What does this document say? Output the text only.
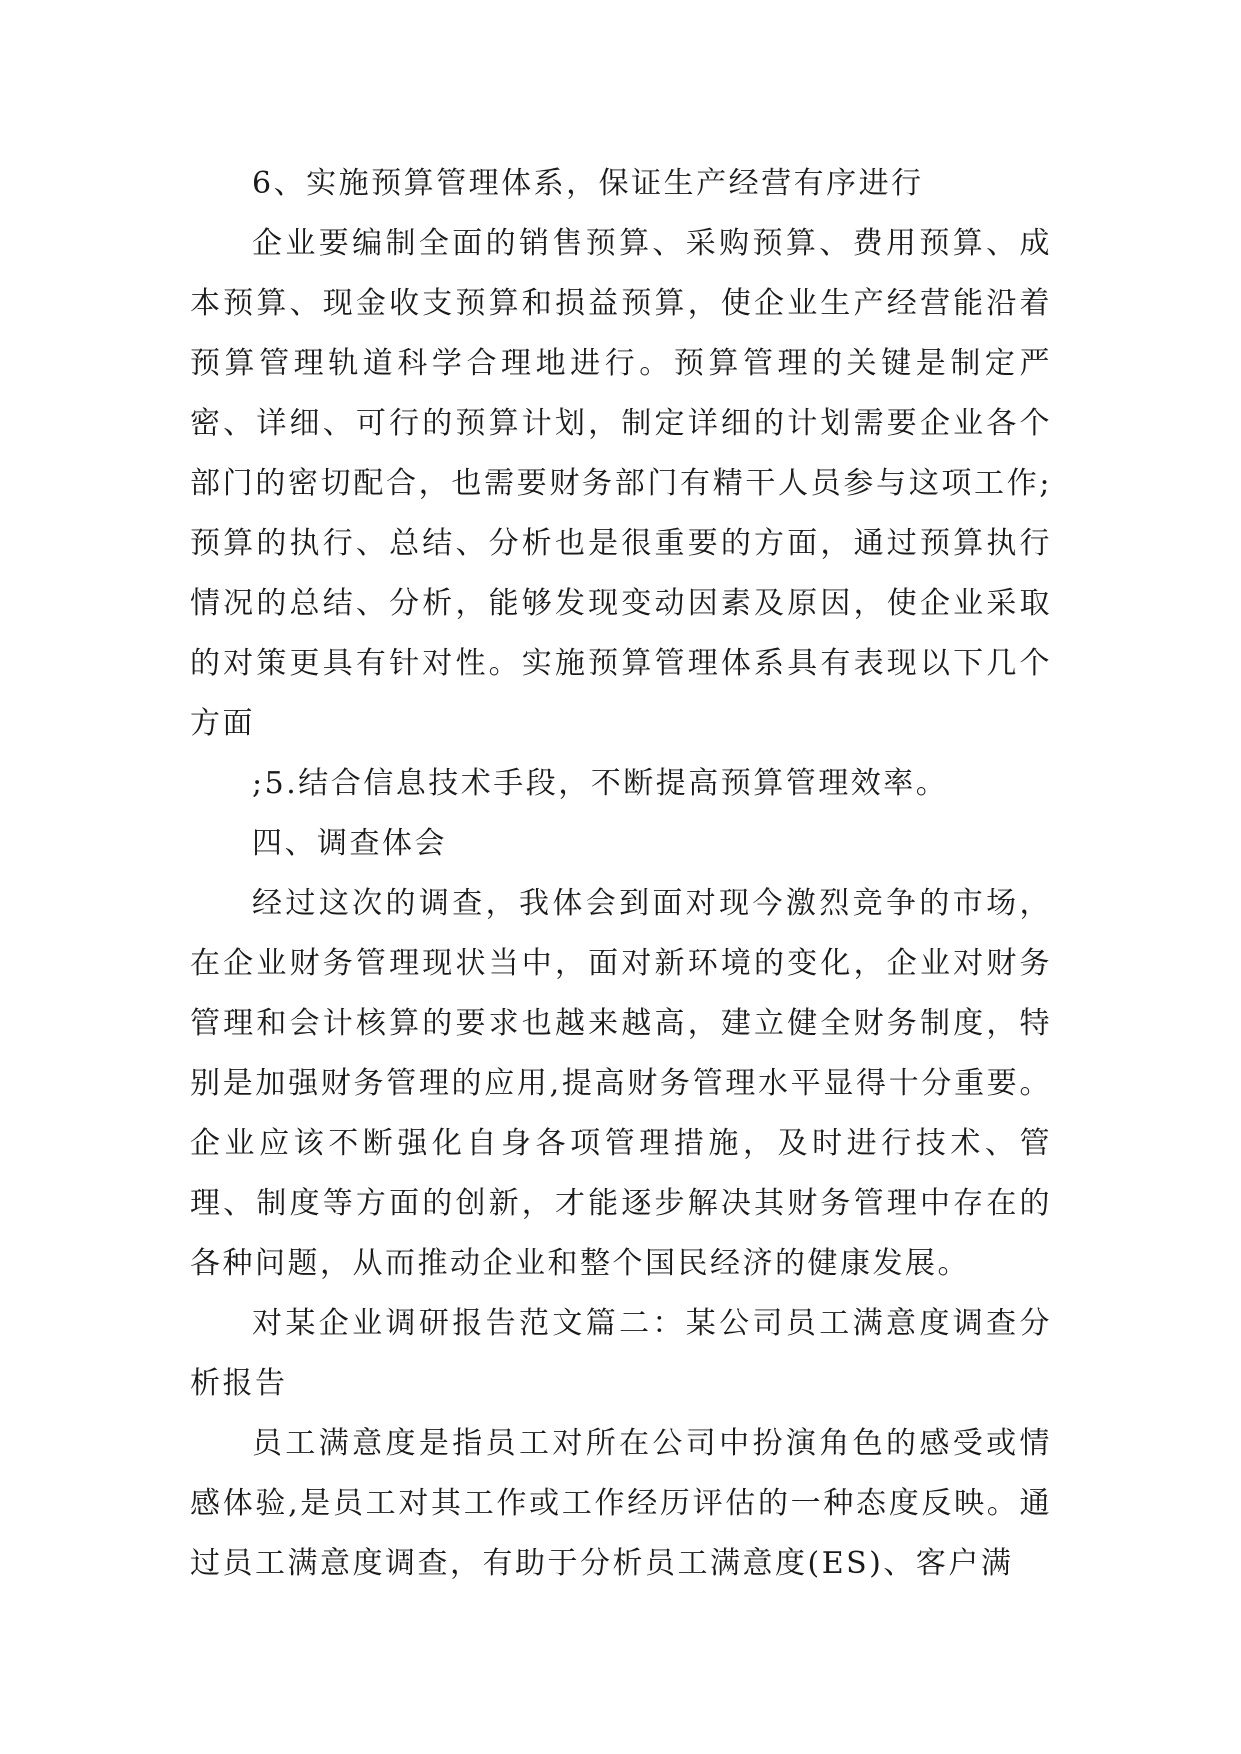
6、实施预算管理体系，保证生产经营有序进行

企业要编制全面的销售预算、采购预算、费用预算、成本预算、现金收支预算和损益预算，使企业生产经营能沿着预算管理轨道科学合理地进行。预算管理的关键是制定严密、详细、可行的预算计划，制定详细的计划需要企业各个部门的密切配合，也需要财务部门有精干人员参与这项工作;预算的执行、总结、分析也是很重要的方面，通过预算执行情况的总结、分析，能够发现变动因素及原因，使企业采取的对策更具有针对性。实施预算管理体系具有表现以下几个方面

;5.结合信息技术手段，不断提高预算管理效率。

四、调查体会

经过这次的调查，我体会到面对现今激烈竞争的市场，在企业财务管理现状当中，面对新环境的变化，企业对财务管理和会计核算的要求也越来越高，建立健全财务制度，特别是加强财务管理的应用,提高财务管理水平显得十分重要。企业应该不断强化自身各项管理措施，及时进行技术、管理、制度等方面的创新，才能逐步解决其财务管理中存在的各种问题，从而推动企业和整个国民经济的健康发展。

对某企业调研报告范文篇二：某公司员工满意度调查分析报告

员工满意度是指员工对所在公司中扮演角色的感受或情感体验,是员工对其工作或工作经历评估的一种态度反映。通过员工满意度调查，有助于分析员工满意度(ES)、客户满
